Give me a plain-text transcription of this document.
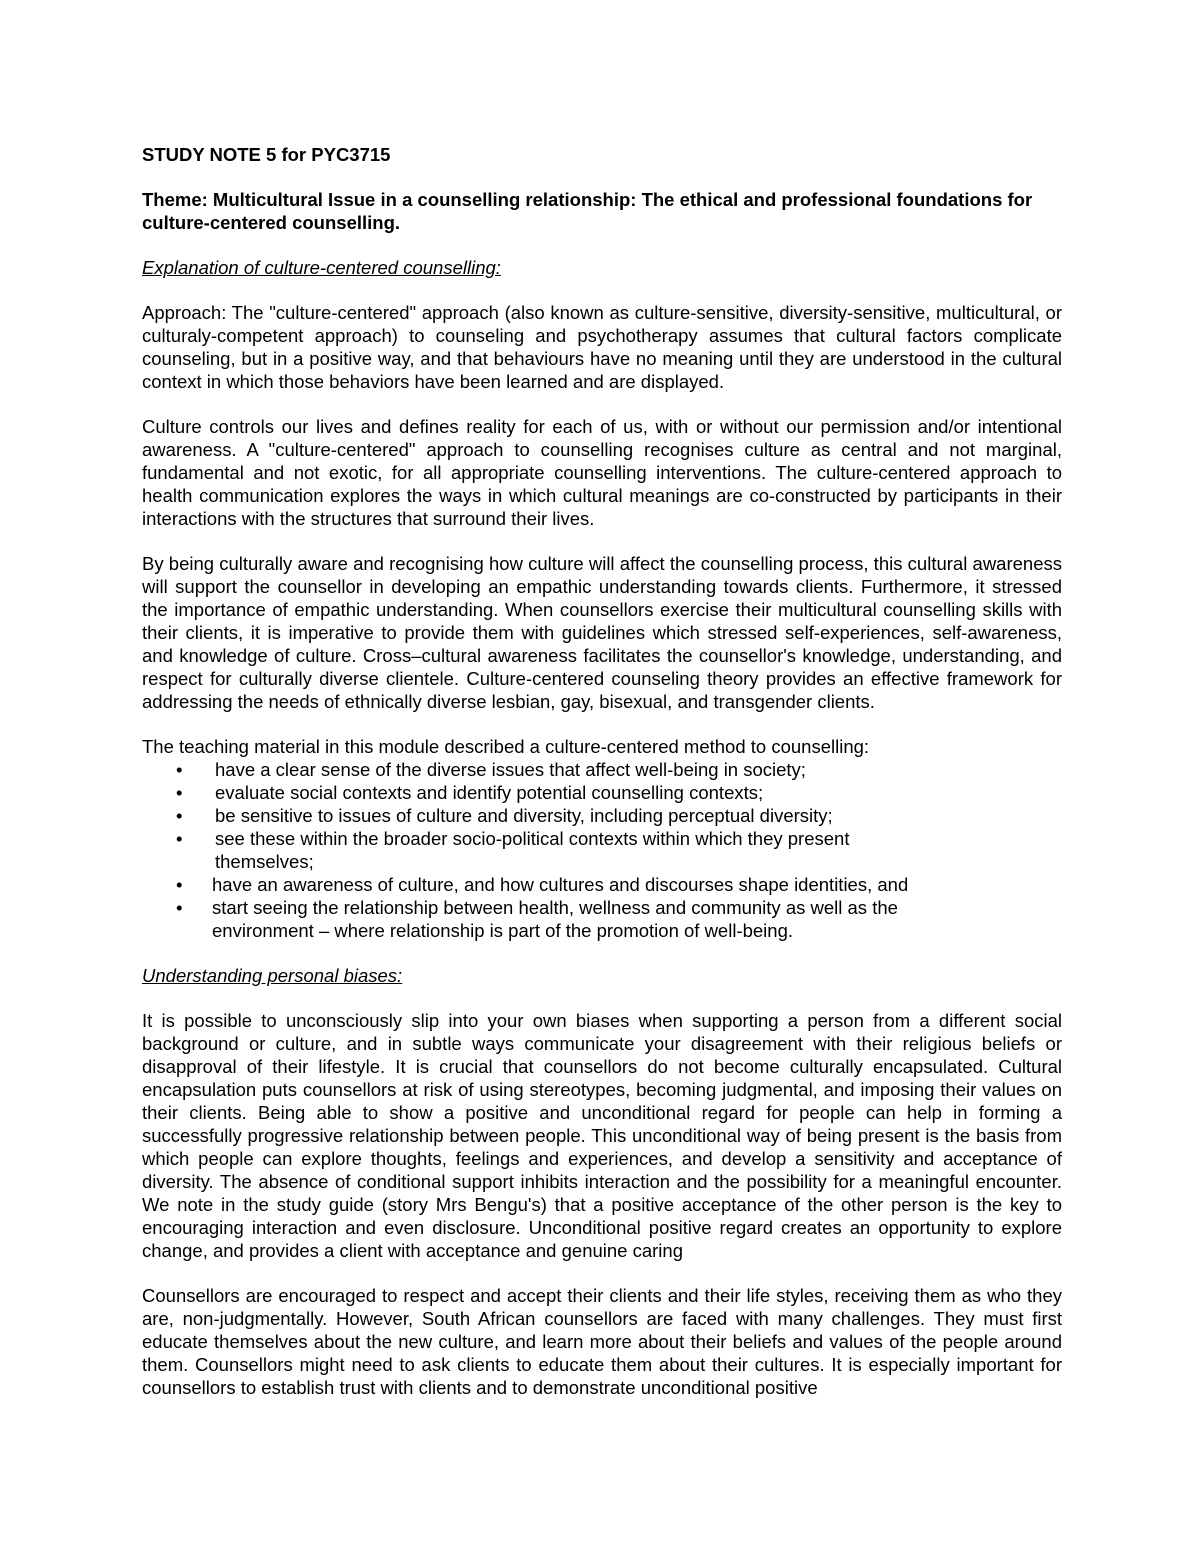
STUDY NOTE 5 for PYC3715
Theme: Multicultural Issue in a counselling relationship: The ethical and professional foundations for culture-centered counselling.
Explanation of culture-centered counselling:

Approach: The "culture-centered" approach (also known as culture-sensitive, diversity-sensitive, multicultural, or culturaly-competent approach) to counseling and psychotherapy assumes that cultural factors complicate counseling, but in a positive way, and that behaviours have no meaning until they are understood in the cultural context in which those behaviors have been learned and are displayed.

Culture controls our lives and defines reality for each of us, with or without our permission and/or intentional awareness. A "culture-centered" approach to counselling recognises culture as central and not marginal, fundamental and not exotic, for all appropriate counselling interventions. The culture-centered approach to health communication explores the ways in which cultural meanings are co-constructed by participants in their interactions with the structures that surround their lives.

By being culturally aware and recognising how culture will affect the counselling process, this cultural awareness will support the counsellor in developing an empathic understanding towards clients. Furthermore, it stressed the importance of empathic understanding. When counsellors exercise their multicultural counselling skills with their clients, it is imperative to provide them with guidelines which stressed self-experiences, self-awareness, and knowledge of culture. Cross–cultural awareness facilitates the counsellor's knowledge, understanding, and respect for culturally diverse clientele. Culture-centered counseling theory provides an effective framework for addressing the needs of ethnically diverse lesbian, gay, bisexual, and transgender clients.

The teaching material in this module described a culture-centered method to counselling:

• have a clear sense of the diverse issues that affect well-being in society;
• evaluate social contexts and identify potential counselling contexts;
• be sensitive to issues of culture and diversity, including perceptual diversity;
• see these within the broader socio-political contexts within which they present themselves;
• have an awareness of culture, and how cultures and discourses shape identities, and
• start seeing the relationship between health, wellness and community as well as the environment – where relationship is part of the promotion of well-being.
Understanding personal biases:

It is possible to unconsciously slip into your own biases when supporting a person from a different social background or culture, and in subtle ways communicate your disagreement with their religious beliefs or disapproval of their lifestyle. It is crucial that counsellors do not become culturally encapsulated. Cultural encapsulation puts counsellors at risk of using stereotypes, becoming judgmental, and imposing their values on their clients. Being able to show a positive and unconditional regard for people can help in forming a successfully progressive relationship between people. This unconditional way of being present is the basis from which people can explore thoughts, feelings and experiences, and develop a sensitivity and acceptance of diversity. The absence of conditional support inhibits interaction and the possibility for a meaningful encounter. We note in the study guide (story Mrs Bengu's) that a positive acceptance of the other person is the key to encouraging interaction and even disclosure. Unconditional positive regard creates an opportunity to explore change, and provides a client with acceptance and genuine caring

Counsellors are encouraged to respect and accept their clients and their life styles, receiving them as who they are, non-judgmentally. However, South African counsellors are faced with many challenges. They must first educate themselves about the new culture, and learn more about their beliefs and values of the people around them. Counsellors might need to ask clients to educate them about their cultures. It is especially important for counsellors to establish trust with clients and to demonstrate unconditional positive
